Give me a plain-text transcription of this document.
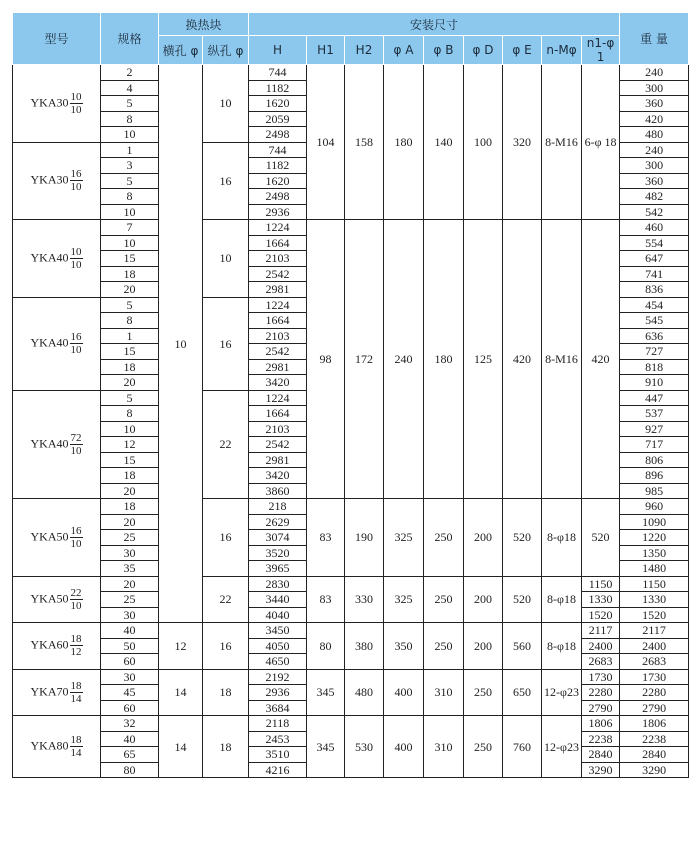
型号	规格	换热块		安装尺寸									重 量
		横孔 φ	纵孔 φ	H	H1	H2	φ A	φ B	φ D	φ E	n-Mφ	n1-φ 1	
$YKA30 \frac{10}{10}$	2	10	10	744	104	158	180	140	100	320	8-M16	6-φ 18	240
	4			1182									300
	5			1620									360
	8			2059									420
	10			2498									480
$YKA30 \frac{16}{10}$	1		16	744									240
	3			1182									300
	5			1620									360
	8			2498									482
	10			2936									542
$YKA40 \frac{10}{10}$	7		10	1224	98	172	240	180	125	420	8-M16	420	460
	10			1664									554
	15			2103									647
	18			2542									741
	20			2981									836
$YKA40 \frac{16}{10}$	5		16	1224									454
	8			1664									545
	1			2103									636
	15			2542									727
	18			2981									818
	20			3420									910
$YKA40 \frac{72}{10}$	5		22	1224									447
	8			1664									537
	10			2103									927
	12			2542									717
	15			2981									806
	18			3420									896
	20			3860									985
$YKA50 \frac{16}{10}$	18		16	218	83	190	325	250	200	520	8-φ18	520	960
	20			2629									1090
	25			3074									1220
	30			3520									1350
	35			3965									1480
$YKA50 \frac{22}{10}$	20		22	2830	83	330	325	250	200	520	8-φ18	1150	1150
	25			3440								1330	1330
	30			4040								1520	1520
$YKA60 \frac{18}{12}$	40	12	16	3450	80	380	350	250	200	560	8-φ18	2117	2117
	50			4050								2400	2400
	60			4650								2683	2683
$YKA70 \frac{18}{14}$	30	14	18	2192	345	480	400	310	250	650	12-φ23	1730	1730
	45			2936								2280	2280
	60			3684								2790	2790
$YKA80 \frac{18}{14}$	32	14	18	2118	345	530	400	310	250	760	12-φ23	1806	1806
	40			2453								2238	2238
	65			3510								2840	2840
	80			4216								3290	3290
